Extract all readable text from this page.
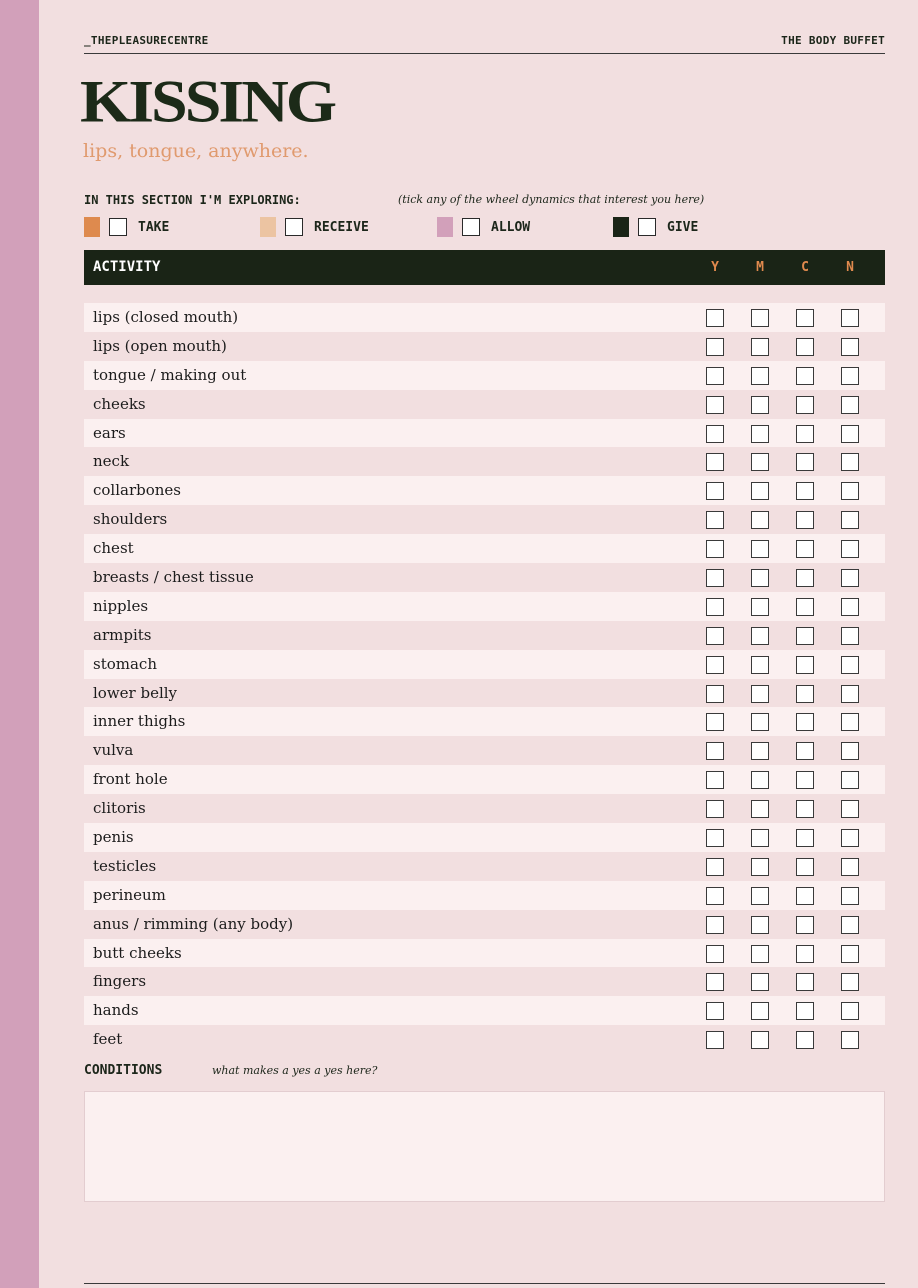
_THEPLEASURECENTRE	THE BODY BUFFET
KISSING
lips, tongue, anywhere.
IN THIS SECTION I'M EXPLORING:	(tick any of the wheel dynamics that interest you here)
TAKE	RECEIVE	ALLOW	GIVE
ACTIVITY	Y	M	C	N
lips (closed mouth)
lips (open mouth)
tongue / making out
cheeks
ears
neck
collarbones
shoulders
chest
breasts / chest tissue
nipples
armpits
stomach
lower belly
inner thighs
vulva
front hole
clitoris
penis
testicles
perineum
anus / rimming (any body)
butt cheeks
fingers
hands
feet
CONDITIONS	what makes a yes a yes here?
